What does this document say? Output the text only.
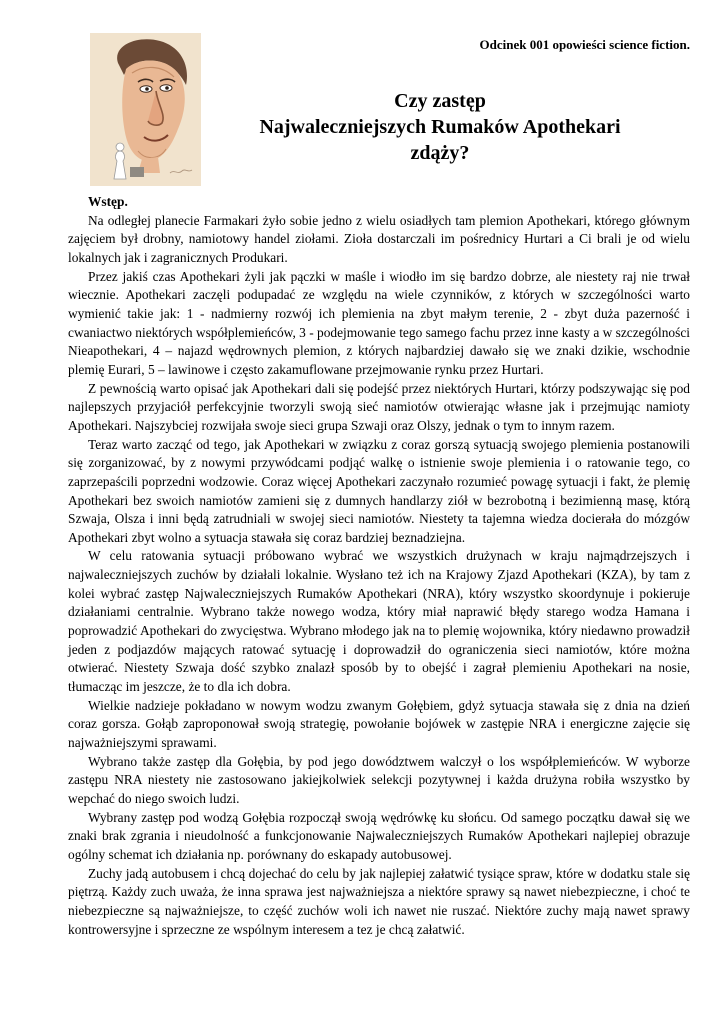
Odcinek 001 opowieści science fiction.

Czy zastęp
Najwaleczniejszych Rumaków Apothekari
zdąży?

Wstęp.

Na odległej planecie Farmakari żyło sobie jedno z wielu osiadłych tam plemion Apothekari, którego głównym zajęciem był drobny, namiotowy handel ziołami. Zioła dostarczali im pośrednicy Hurtari a Ci brali je od wielu lokalnych jak i zagranicznych Produkari.

Przez jakiś czas Apothekari żyli jak pączki w maśle i wiodło im się bardzo dobrze, ale niestety raj nie trwał wiecznie. Apothekari zaczęli podupadać ze względu na wiele czynników, z których w szczególności warto wymienić takie jak: 1 - nadmierny rozwój ich plemienia na zbyt małym terenie, 2 - zbyt duża pazerność i cwaniactwo niektórych współplemieńców, 3 - podejmowanie tego samego fachu przez inne kasty a w szczególności Nieapothekari, 4 – najazd wędrownych plemion, z których najbardziej dawało się we znaki dzikie, wschodnie plemię Eurari, 5 – lawinowe i często zakamuflowane przejmowanie rynku przez Hurtari.

Z pewnością warto opisać jak Apothekari dali się podejść przez niektórych Hurtari, którzy podszywając się pod najlepszych przyjaciół perfekcyjnie tworzyli swoją sieć namiotów otwierając własne jak i przejmując namioty Apothekari. Najszybciej rozwijała swoje sieci grupa Szwaji oraz Olszy, jednak o tym to innym razem.

Teraz warto zacząć od tego, jak Apothekari w związku z coraz gorszą sytuacją swojego plemienia postanowili się zorganizować, by z nowymi przywódcami podjąć walkę o istnienie swoje plemienia i o ratowanie tego, co zaprzepaścili poprzedni wodzowie. Coraz więcej Apothekari zaczynało rozumieć powagę sytuacji i fakt, że plemię Apothekari bez swoich namiotów zamieni się z dumnych handlarzy ziół w bezrobotną i bezimienną masę, którą Szwaja, Olsza i inni będą zatrudniali w swojej sieci namiotów. Niestety ta tajemna wiedza docierała do mózgów Apothekari zbyt wolno a sytuacja stawała się coraz bardziej beznadziejna.

W celu ratowania sytuacji próbowano wybrać we wszystkich drużynach w kraju najmądrzejszych i najwaleczniejszych zuchów by działali lokalnie. Wysłano też ich na Krajowy Zjazd Apothekari (KZA), by tam z kolei wybrać zastęp Najwaleczniejszych Rumaków Apothekari (NRA), który wszystko skoordynuje i pokieruje działaniami centralnie. Wybrano także nowego wodza, który miał naprawić błędy starego wodza Hamana i poprowadzić Apothekari do zwycięstwa. Wybrano młodego jak na to plemię wojownika, który niedawno prowadził jeden z podjazdów mających ratować sytuację i doprowadził do ograniczenia sieci namiotów, które można otwierać. Niestety Szwaja dość szybko znalazł sposób by to obejść i zagrał plemieniu Apothekari na nosie, tłumacząc im jeszcze, że to dla ich dobra.

Wielkie nadzieje pokładano w nowym wodzu zwanym Gołębiem, gdyż sytuacja stawała się z dnia na dzień coraz gorsza. Gołąb zaproponował swoją strategię, powołanie bojówek w zastępie NRA i energiczne zajęcie się najważniejszymi sprawami.

Wybrano także zastęp dla Gołębia, by pod jego dowództwem walczył o los współplemieńców. W wyborze zastępu NRA niestety nie zastosowano jakiejkolwiek selekcji pozytywnej i każda drużyna robiła wszystko by wepchać do niego swoich ludzi.

Wybrany zastęp pod wodzą Gołębia rozpoczął swoją wędrówkę ku słońcu. Od samego początku dawał się we znaki brak zgrania i nieudolność a funkcjonowanie Najwaleczniejszych Rumaków Apothekari najlepiej obrazuje ogólny schemat ich działania np. porównany do eskapady autobusowej.

Zuchy jadą autobusem i chcą dojechać do celu by jak najlepiej załatwić tysiące spraw, które w dodatku stale się piętrzą. Każdy zuch uważa, że inna sprawa jest najważniejsza a niektóre sprawy są nawet niebezpieczne, i choć te niebezpieczne są najważniejsze, to część zuchów woli ich nawet nie ruszać. Niektóre zuchy mają nawet sprawy kontrowersyjne i sprzeczne ze wspólnym interesem a tez je chcą załatwić.
